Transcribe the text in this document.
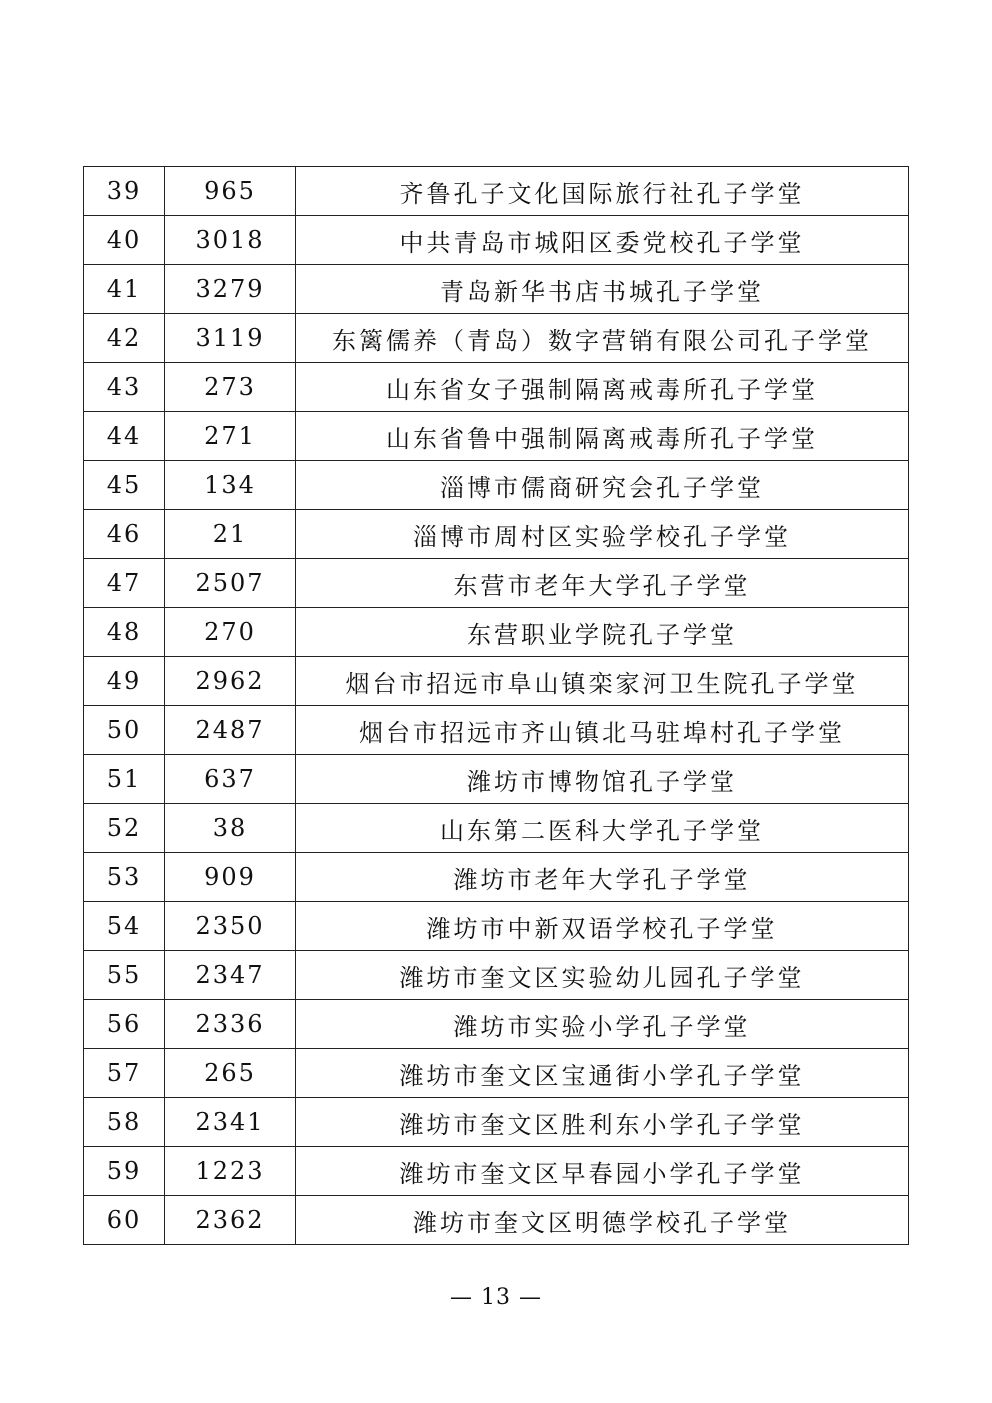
39	965	齐鲁孔子文化国际旅行社孔子学堂
40	3018	中共青岛市城阳区委党校孔子学堂
41	3279	青岛新华书店书城孔子学堂
42	3119	东篱儒养（青岛）数字营销有限公司孔子学堂
43	273	山东省女子强制隔离戒毒所孔子学堂
44	271	山东省鲁中强制隔离戒毒所孔子学堂
45	134	淄博市儒商研究会孔子学堂
46	21	淄博市周村区实验学校孔子学堂
47	2507	东营市老年大学孔子学堂
48	270	东营职业学院孔子学堂
49	2962	烟台市招远市阜山镇栾家河卫生院孔子学堂
50	2487	烟台市招远市齐山镇北马驻埠村孔子学堂
51	637	潍坊市博物馆孔子学堂
52	38	山东第二医科大学孔子学堂
53	909	潍坊市老年大学孔子学堂
54	2350	潍坊市中新双语学校孔子学堂
55	2347	潍坊市奎文区实验幼儿园孔子学堂
56	2336	潍坊市实验小学孔子学堂
57	265	潍坊市奎文区宝通街小学孔子学堂
58	2341	潍坊市奎文区胜利东小学孔子学堂
59	1223	潍坊市奎文区早春园小学孔子学堂
60	2362	潍坊市奎文区明德学校孔子学堂
— 13 —
